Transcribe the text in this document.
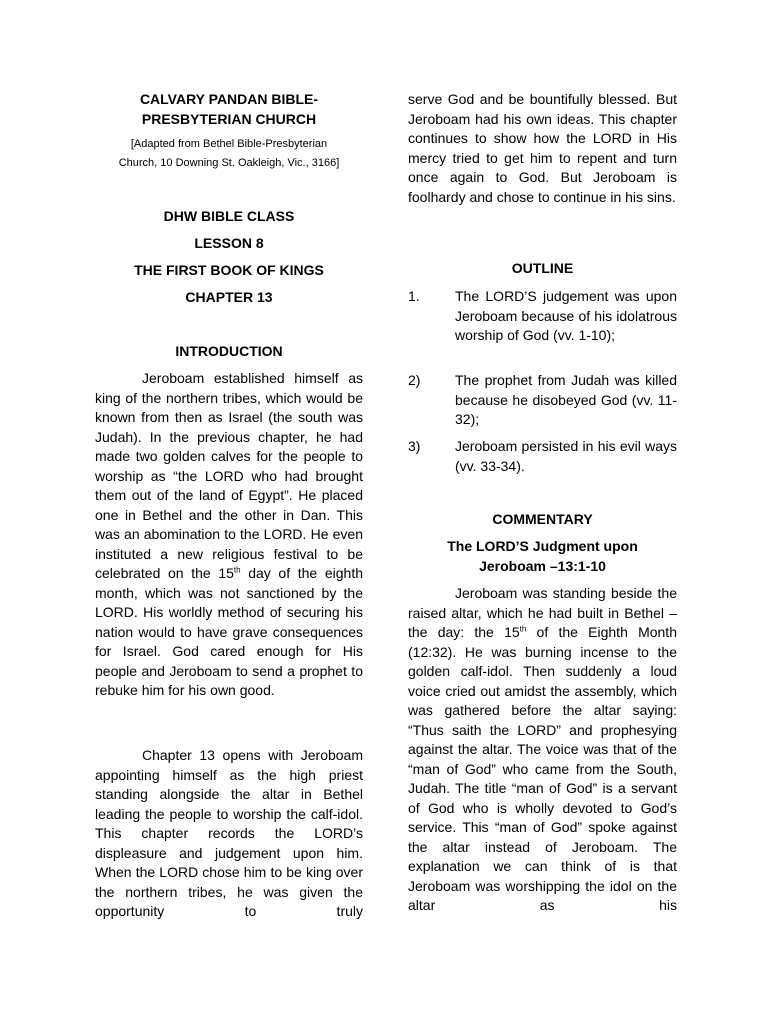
CALVARY PANDAN BIBLE-
PRESBYTERIAN CHURCH
[Adapted from Bethel Bible-Presbyterian
Church, 10 Downing St. Oakleigh, Vic., 3166]
DHW BIBLE CLASS
LESSON 8
THE FIRST BOOK OF KINGS
CHAPTER 13
INTRODUCTION
Jeroboam established himself as king of the northern tribes, which would be known from then as Israel (the south was Judah). In the previous chapter, he had made two golden calves for the people to worship as “the LORD who had brought them out of the land of Egypt”. He placed one in Bethel and the other in Dan. This was an abomination to the LORD. He even instituted a new religious festival to be celebrated on the 15th day of the eighth month, which was not sanctioned by the LORD. His worldly method of securing his nation would to have grave consequences for Israel. God cared enough for His people and Jeroboam to send a prophet to rebuke him for his own good.
Chapter 13 opens with Jeroboam appointing himself as the high priest standing alongside the altar in Bethel leading the people to worship the calf-idol. This chapter records the LORD’s displeasure and judgement upon him. When the LORD chose him to be king over the northern tribes, he was given the opportunity to truly
serve God and be bountifully blessed. But Jeroboam had his own ideas. This chapter continues to show how the LORD in His mercy tried to get him to repent and turn once again to God. But Jeroboam is foolhardy and chose to continue in his sins.
OUTLINE
1.	The LORD’S judgement was upon Jeroboam because of his idolatrous worship of God (vv. 1-10);
2) The prophet from Judah was killed because he disobeyed God (vv. 11- 32);
3) Jeroboam persisted in his evil ways (vv. 33-34).
COMMENTARY
The LORD’S Judgment upon
Jeroboam –13:1-10
Jeroboam was standing beside the raised altar, which he had built in Bethel – the day: the 15th of the Eighth Month (12:32). He was burning incense to the golden calf-idol. Then suddenly a loud voice cried out amidst the assembly, which was gathered before the altar saying: “Thus saith the LORD” and prophesying against the altar. The voice was that of the “man of God” who came from the South, Judah. The title “man of God” is a servant of God who is wholly devoted to God’s service. This “man of God” spoke against the altar instead of Jeroboam. The explanation we can think of is that Jeroboam was worshipping the idol on the altar as his
